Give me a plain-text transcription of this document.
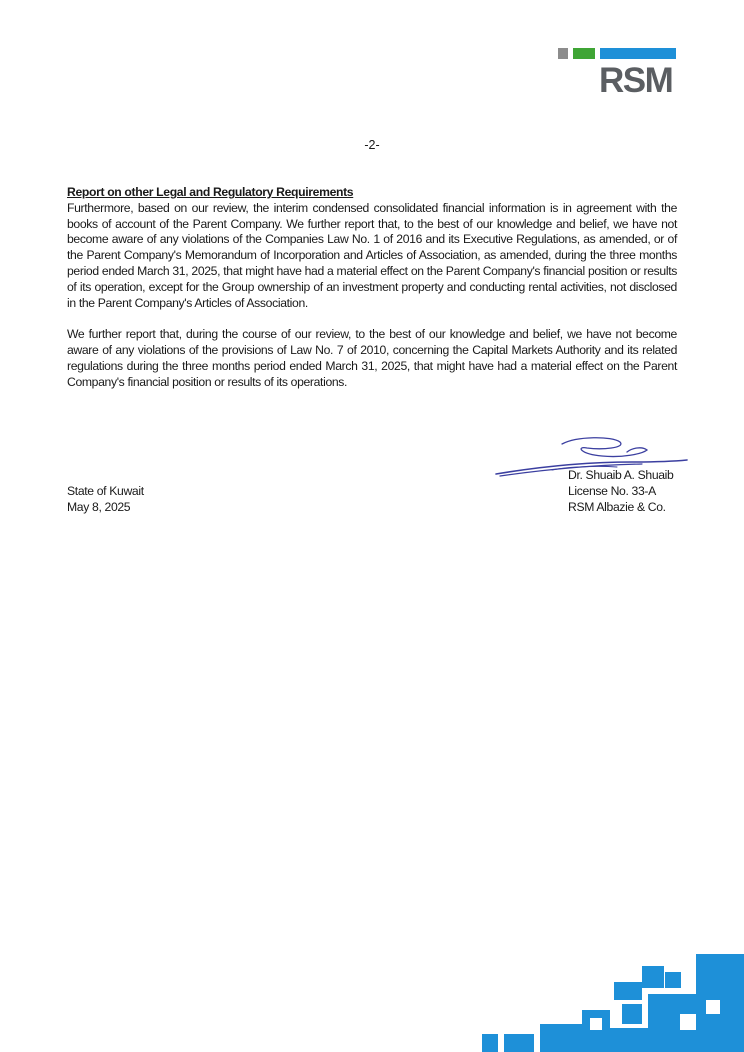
RSM
-2-

Report on other Legal and Regulatory Requirements

Furthermore, based on our review, the interim condensed consolidated financial information is in agreement with the books of account of the Parent Company. We further report that, to the best of our knowledge and belief, we have not become aware of any violations of the Companies Law No. 1 of 2016 and its Executive Regulations, as amended, or of the Parent Company's Memorandum of Incorporation and Articles of Association, as amended, during the three months period ended March 31, 2025, that might have had a material effect on the Parent Company's financial position or results of its operation, except for the Group ownership of an investment property and conducting rental activities, not disclosed in the Parent Company's Articles of Association.

We further report that, during the course of our review, to the best of our knowledge and belief, we have not become aware of any violations of the provisions of Law No. 7 of 2010, concerning the Capital Markets Authority and its related regulations during the three months period ended March 31, 2025, that might have had a material effect on the Parent Company's financial position or results of its operations.

Dr. Shuaib A. Shuaib
License No. 33-A
RSM Albazie & Co.
State of Kuwait
May 8, 2025
